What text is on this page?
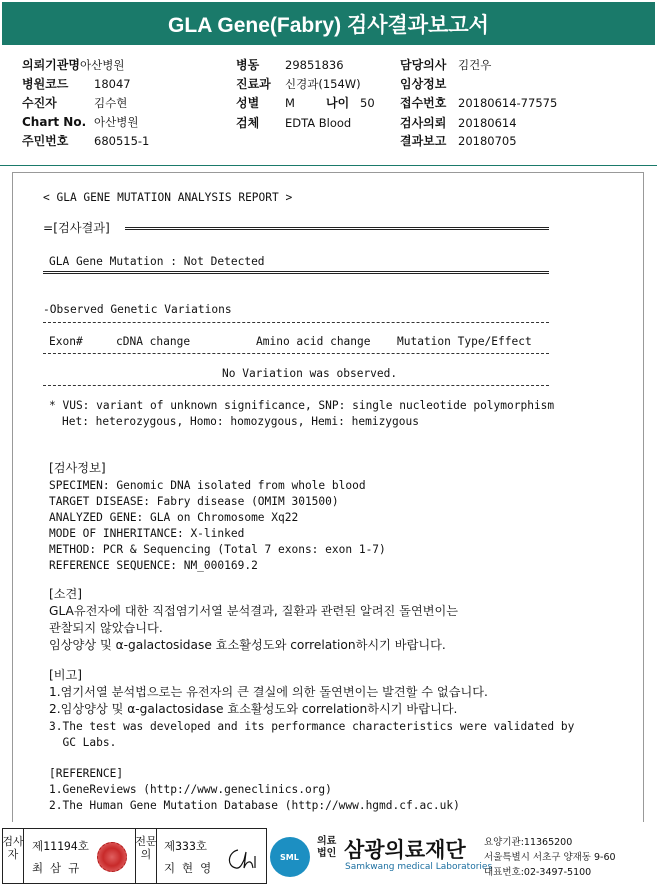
GLA Gene(Fabry) 검사결과보고서
의뢰기관명아산병원
병원코드 18047
수진자	김수현
Chart No. 아산병원
주민번호 680515-1
병동 29851836
진료과 신경과(154W)
성별 M	나이 50
검체 EDTA Blood
담당의사 김건우
임상정보
접수번호 20180614-77575
검사의뢰 20180614
결과보고 20180705
< GLA GENE MUTATION ANALYSIS REPORT >
=[검사결과]
GLA Gene Mutation : Not Detected
-Observed Genetic Variations
Exon#	cDNA change	Amino acid change Mutation Type/Effect
No Variation was observed.
* VUS: variant of unknown significance, SNP: single nucleotide polymorphism
Het: heterozygous, Homo: homozygous, Hemi: hemizygous
[검사정보]
SPECIMEN: Genomic DNA isolated from whole blood
TARGET DISEASE: Fabry disease (OMIM 301500)
ANALYZED GENE: GLA on Chromosome Xq22
MODE OF INHERITANCE: X-linked
METHOD: PCR & Sequencing (Total 7 exons: exon 1-7)
REFERENCE SEQUENCE: NM_000169.2
[소견]
GLA유전자에 대한 직접염기서열 분석결과, 질환과 관련된 알려진 돌연변이는
관찰되지 않았습니다.
임상양상 및 α-galactosidase 효소활성도와 correlation하시기 바랍니다.
[비고]
1.염기서열 분석법으로는 유전자의 큰 결실에 의한 돌연변이는 발견할 수 없습니다.
2.임상양상 및 α-galactosidase 효소활성도와 correlation하시기 바랍니다.
3.The test was developed and its performance characteristics were validated by
GC Labs.
[REFERENCE]
1.GeneReviews (http://www.geneclinics.org)
2.The Human Gene Mutation Database (http://www.hgmd.cf.ac.uk)
검사자
제11194호
최 삼 규
전문의
제333호
지 현 영
SML
의료법인 삼광의료재단
Samkwang medical Laboratories
요양기관:11365200
서울특별시 서초구 양재동 9-60
대표번호:02-3497-5100
